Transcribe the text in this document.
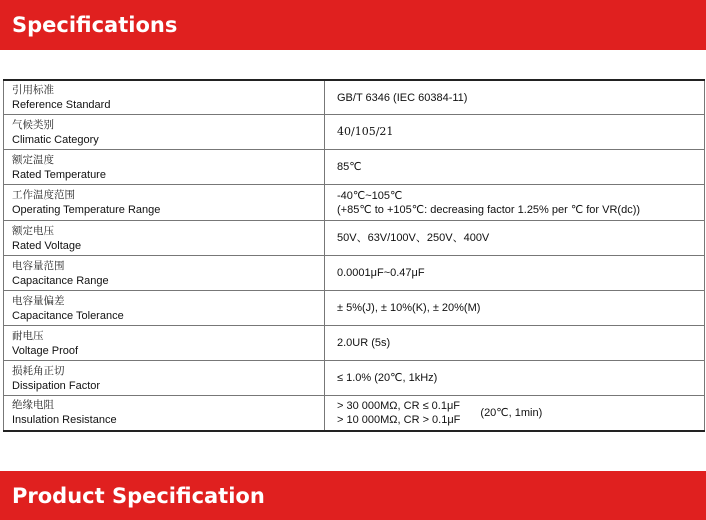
Specifications
引用标准
Reference Standard	GB/T 6346 (IEC 60384-11)

气候类别
Climatic Category	40/105/21

额定温度
Rated Temperature	85℃

工作温度范围
Operating Temperature Range	-40℃~105℃
(+85℃ to +105℃: decreasing factor 1.25% per ℃ for VR(dc))

额定电压
Rated Voltage	50V、63V/100V、250V、400V

电容量范围
Capacitance Range	0.0001μF~0.47μF

电容量偏差
Capacitance Tolerance	± 5%(J), ± 10%(K), ± 20%(M)

耐电压
Voltage Proof	2.0UR (5s)

损耗角正切
Dissipation Factor	≤ 1.0% (20℃, 1kHz)

绝缘电阻
Insulation Resistance	> 30 000MΩ, CR ≤ 0.1μF
> 10 000MΩ, CR > 0.1μF
(20℃, 1min)
Product Specification
